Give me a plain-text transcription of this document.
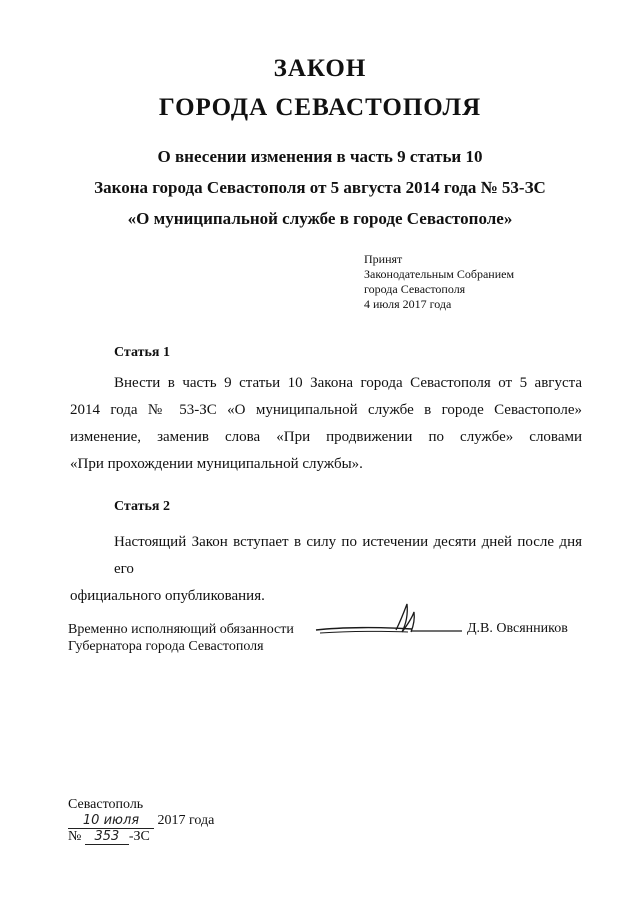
ЗАКОН
ГОРОДА СЕВАСТОПОЛЯ
О внесении изменения в часть 9 статьи 10
Закона города Севастополя от 5 августа 2014 года № 53-ЗС
«О муниципальной службе в городе Севастополе»
Принят
Законодательным Собранием
города Севастополя
4 июля 2017 года
Статья 1
Внести в часть 9 статьи 10 Закона города Севастополя от 5 августа
2014 года № 53-ЗС «О муниципальной службе в городе Севастополе»
изменение, заменив слова «При продвижении по службе» словами
«При прохождении муниципальной службы».
Статья 2
Настоящий Закон вступает в силу по истечении десяти дней после дня его
официального опубликования.
Временно исполняющий обязанности
Губернатора города Севастополя
Д.В. Овсянников
Севастополь
10 июля 2017 года
№ 353 -ЗС
